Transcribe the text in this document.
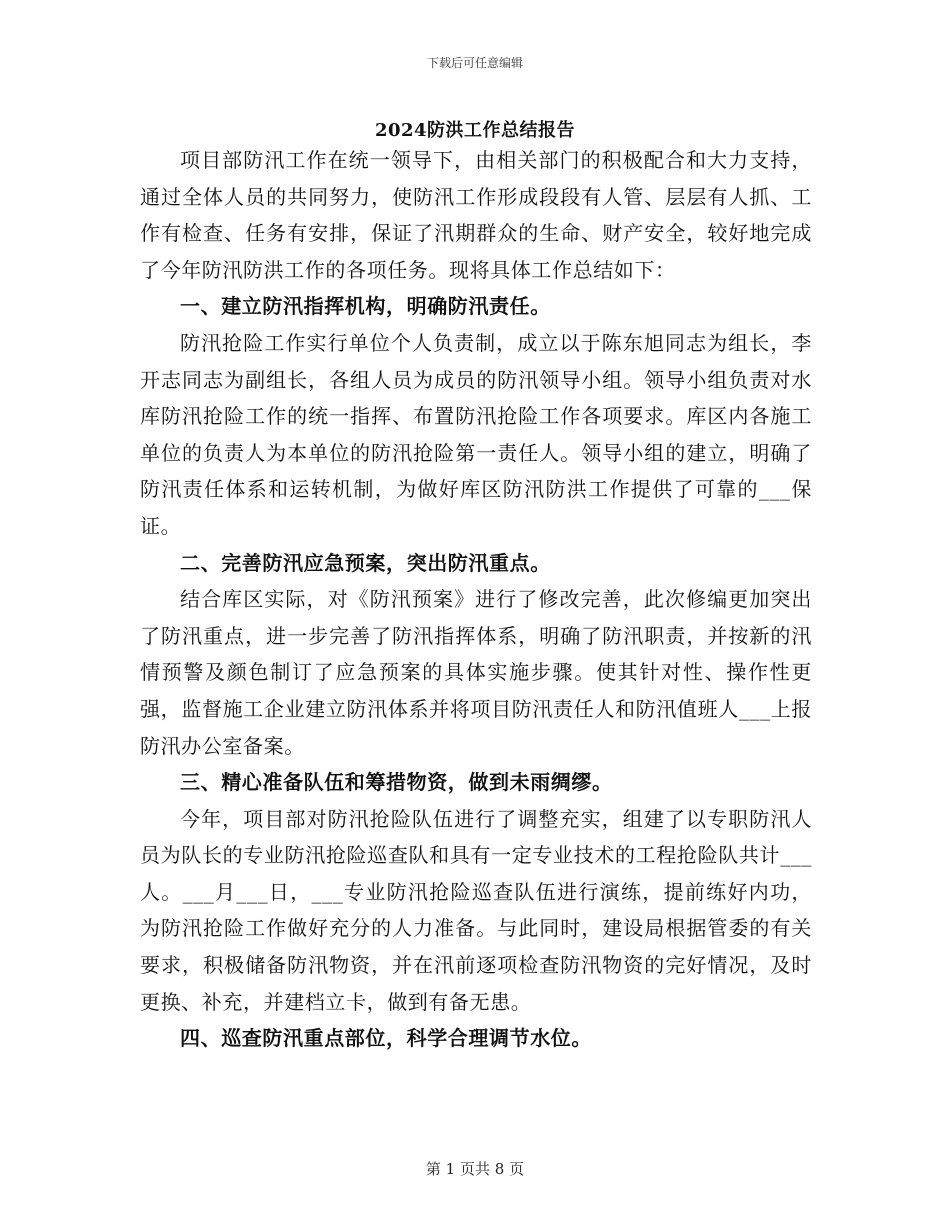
下载后可任意编辑
2024防洪工作总结报告

项目部防汛工作在统一领导下，由相关部门的积极配合和大力支持，通过全体人员的共同努力，使防汛工作形成段段有人管、层层有人抓、工作有检查、任务有安排，保证了汛期群众的生命、财产安全，较好地完成了今年防汛防洪工作的各项任务。现将具体工作总结如下：

一、建立防汛指挥机构，明确防汛责任。

防汛抢险工作实行单位个人负责制，成立以于陈东旭同志为组长，李开志同志为副组长，各组人员为成员的防汛领导小组。领导小组负责对水库防汛抢险工作的统一指挥、布置防汛抢险工作各项要求。库区内各施工单位的负责人为本单位的防汛抢险第一责任人。领导小组的建立，明确了防汛责任体系和运转机制，为做好库区防汛防洪工作提供了可靠的___保证。

二、完善防汛应急预案，突出防汛重点。

结合库区实际，对《防汛预案》进行了修改完善，此次修编更加突出了防汛重点，进一步完善了防汛指挥体系，明确了防汛职责，并按新的汛情预警及颜色制订了应急预案的具体实施步骤。使其针对性、操作性更强，监督施工企业建立防汛体系并将项目防汛责任人和防汛值班人___上报防汛办公室备案。

三、精心准备队伍和筹措物资，做到未雨绸缪。

今年，项目部对防汛抢险队伍进行了调整充实，组建了以专职防汛人员为队长的专业防汛抢险巡查队和具有一定专业技术的工程抢险队共计___人。___月___日，___专业防汛抢险巡查队伍进行演练，提前练好内功，为防汛抢险工作做好充分的人力准备。与此同时，建设局根据管委的有关要求，积极储备防汛物资，并在汛前逐项检查防汛物资的完好情况，及时更换、补充，并建档立卡，做到有备无患。

四、巡查防汛重点部位，科学合理调节水位。

第 1 页共 8 页
